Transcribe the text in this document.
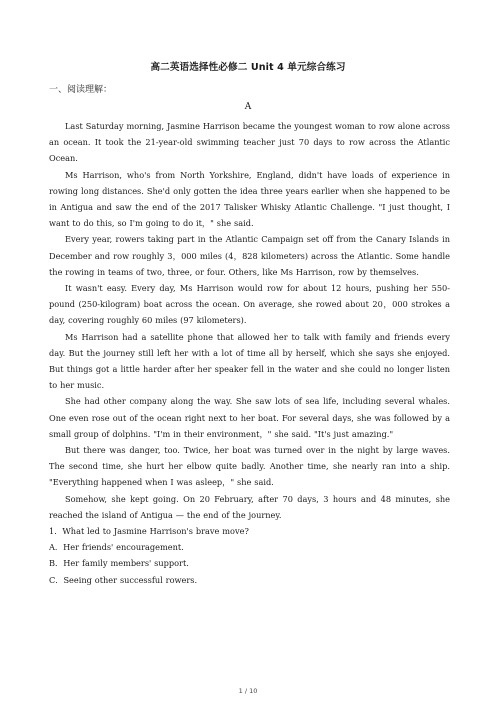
高二英语选择性必修二 Unit 4 单元综合练习
一、阅读理解：
A

Last Saturday morning, Jasmine Harrison became the youngest woman to row alone across an ocean. It took the 21-year-old swimming teacher just 70 days to row across the Atlantic Ocean.

Ms Harrison, who's from North Yorkshire, England, didn't have loads of experience in rowing long distances. She'd only gotten the idea three years earlier when she happened to be in Antigua and saw the end of the 2017 Talisker Whisky Atlantic Challenge. "I just thought, I want to do this, so I'm going to do it，" she said.

Every year, rowers taking part in the Atlantic Campaign set off from the Canary Islands in December and row roughly 3，000 miles (4，828 kilometers) across the Atlantic. Some handle the rowing in teams of two, three, or four. Others, like Ms Harrison, row by themselves.

It wasn't easy. Every day, Ms Harrison would row for about 12 hours, pushing her 550-pound (250-kilogram) boat across the ocean. On average, she rowed about 20，000 strokes a day, covering roughly 60 miles (97 kilometers).

Ms Harrison had a satellite phone that allowed her to talk with family and friends every day. But the journey still left her with a lot of time all by herself, which she says she enjoyed. But things got a little harder after her speaker fell in the water and she could no longer listen to her music.

She had other company along the way. She saw lots of sea life, including several whales. One even rose out of the ocean right next to her boat. For several days, she was followed by a small group of dolphins. "I'm in their environment，" she said. "It's just amazing."

But there was danger, too. Twice, her boat was turned over in the night by large waves. The second time, she hurt her elbow quite badly. Another time, she nearly ran into a ship. "Everything happened when I was asleep，" she said.

Somehow, she kept going. On 20 February, after 70 days, 3 hours and 48 minutes, she reached the island of Antigua — the end of the journey.

1．What led to Jasmine Harrison's brave move?
A．Her friends' encouragement.
B．Her family members' support.
C．Seeing other successful rowers.
1 / 10
